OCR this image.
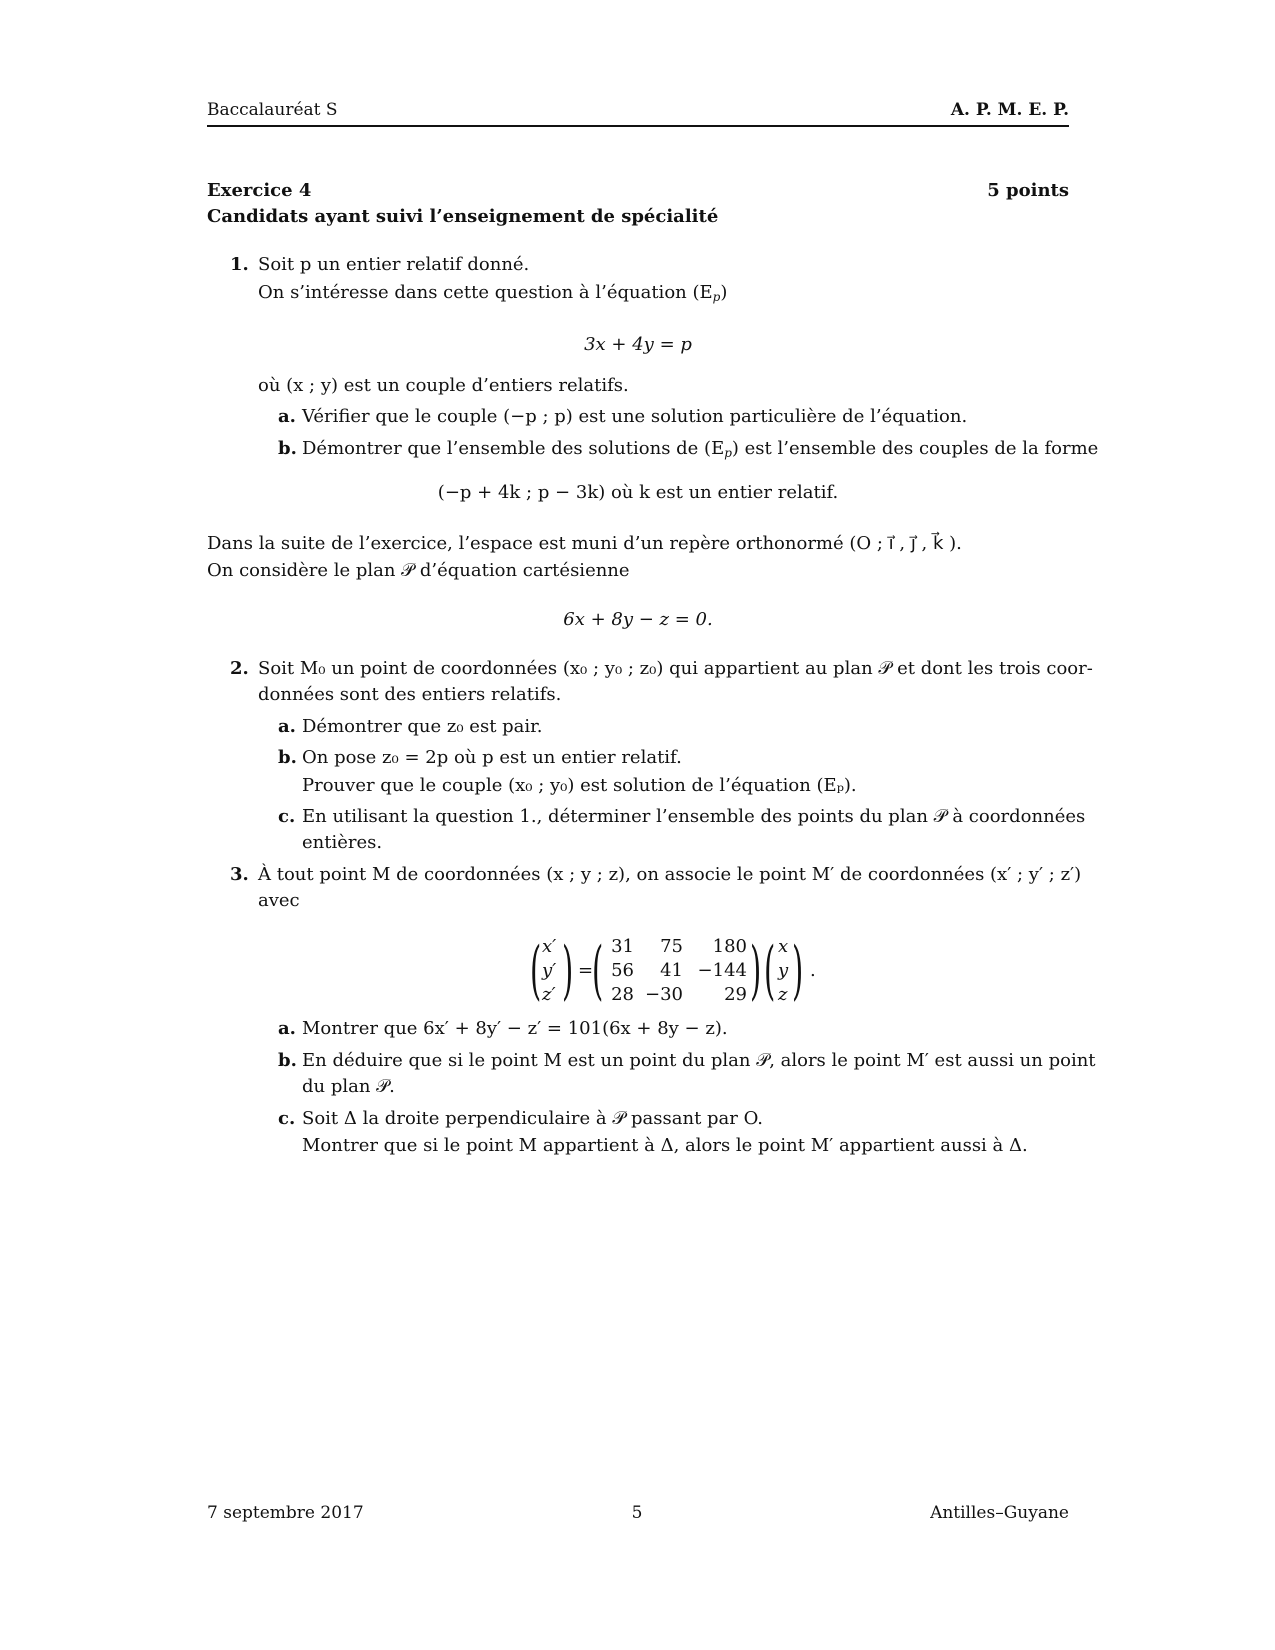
Baccalauréat S	A. P. M. E. P.
Exercice 4	5 points
Candidats ayant suivi l’enseignement de spécialité
1. Soit p un entier relatif donné.
On s’intéresse dans cette question à l’équation $(E_p)$
3x + 4y = p
où (x ; y) est un couple d’entiers relatifs.
a. Vérifier que le couple (−p ; p) est une solution particulière de l’équation.
b. Démontrer que l’ensemble des solutions de $(E_p)$ est l’ensemble des couples de la forme
(−p + 4k ; p − 3k) où k est un entier relatif.
Dans la suite de l’exercice, l’espace est muni d’un repère orthonormé (O ; i⃗ , j⃗ , k⃗ ).
On considère le plan 𝒫 d’équation cartésienne
6x + 8y − z = 0.
2. Soit M₀ un point de coordonnées (x₀ ; y₀ ; z₀) qui appartient au plan 𝒫 et dont les trois coor-
données sont des entiers relatifs.
a. Démontrer que z₀ est pair.
b. On pose z₀ = 2p où p est un entier relatif.
Prouver que le couple (x₀ ; y₀) est solution de l’équation (Eₚ).
c. En utilisant la question 1., déterminer l’ensemble des points du plan 𝒫 à coordonnées
entières.
3. À tout point M de coordonnées (x ; y ; z), on associe le point M′ de coordonnées (x′ ; y′ ; z′)
avec
( x′
y′
z′ ) =
( 31	75	180
56	41 −144
28 −30	29 ) ( x
y
z ) .
a. Montrer que 6x′ + 8y′ − z′ = 101(6x + 8y − z).
b. En déduire que si le point M est un point du plan 𝒫, alors le point M′ est aussi un point
du plan 𝒫.
c. Soit Δ la droite perpendiculaire à 𝒫 passant par O.
Montrer que si le point M appartient à Δ, alors le point M′ appartient aussi à Δ.
7 septembre 2017	5	Antilles–Guyane
